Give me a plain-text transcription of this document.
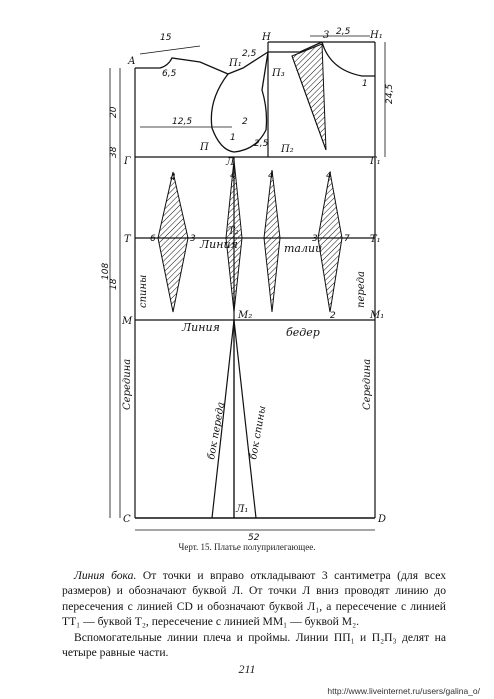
А
Н	3	Н₁
П₁
П₃
П
Л
П₂
Г	Г₁
Т
Т₂
Т₁
М
М₂	М₁
С
Л₁
D
15
6,5
2,5
2,5
20
12,5	2
38
24,5
1
2,5
108
18
52
4	4	4	4
6	3	3	7
2
1
Линия	талии
Линия	бедер
спины	переда
Середина	Середина
бок переда бок спины
Черт. 15. Платье полуприлегающее.
Линия бока. От точки и вправо откладывают 3 сантиметра (для всех размеров) и обозначают буквой Л. От точки Л вниз проводят линию до пересечения с линией CD и обозначают буквой Л₁, а пересечение с линией ТТ₁ — буквой Т₂, пересечение с линией ММ₁ — буквой М₂.
Вспомогательные линии плеча и проймы. Линии ПП₁ и П₂П₃ делят на четыре равные части.
211
http://www.liveinternet.ru/users/galina_o/
